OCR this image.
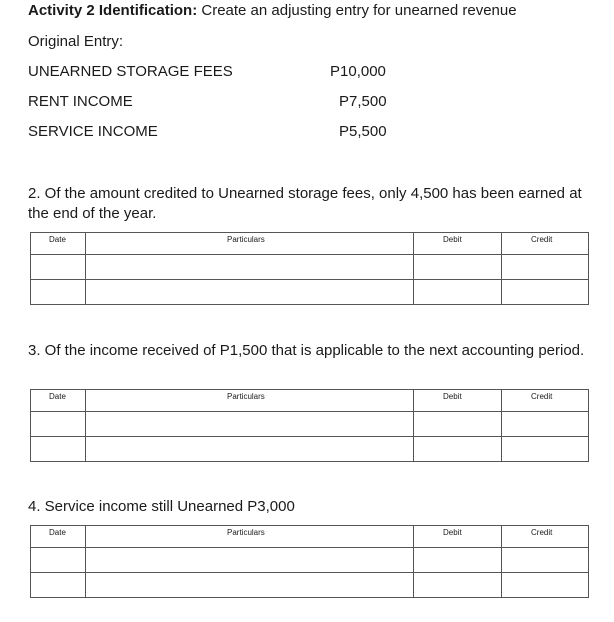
Activity 2 Identification: Create an adjusting entry for unearned revenue
Original Entry:
UNEARNED STORAGE FEES	P10,000
RENT INCOME	P7,500
SERVICE INCOME	P5,500
2. Of the amount credited to Unearned storage fees, only 4,500 has been earned at the end of the year.
Date	Particulars	Debit	Credit

3. Of the income received of P1,500 that is applicable to the next accounting period.
Date	Particulars	Debit	Credit

4. Service income still Unearned P3,000
Date	Particulars	Debit	Credit
